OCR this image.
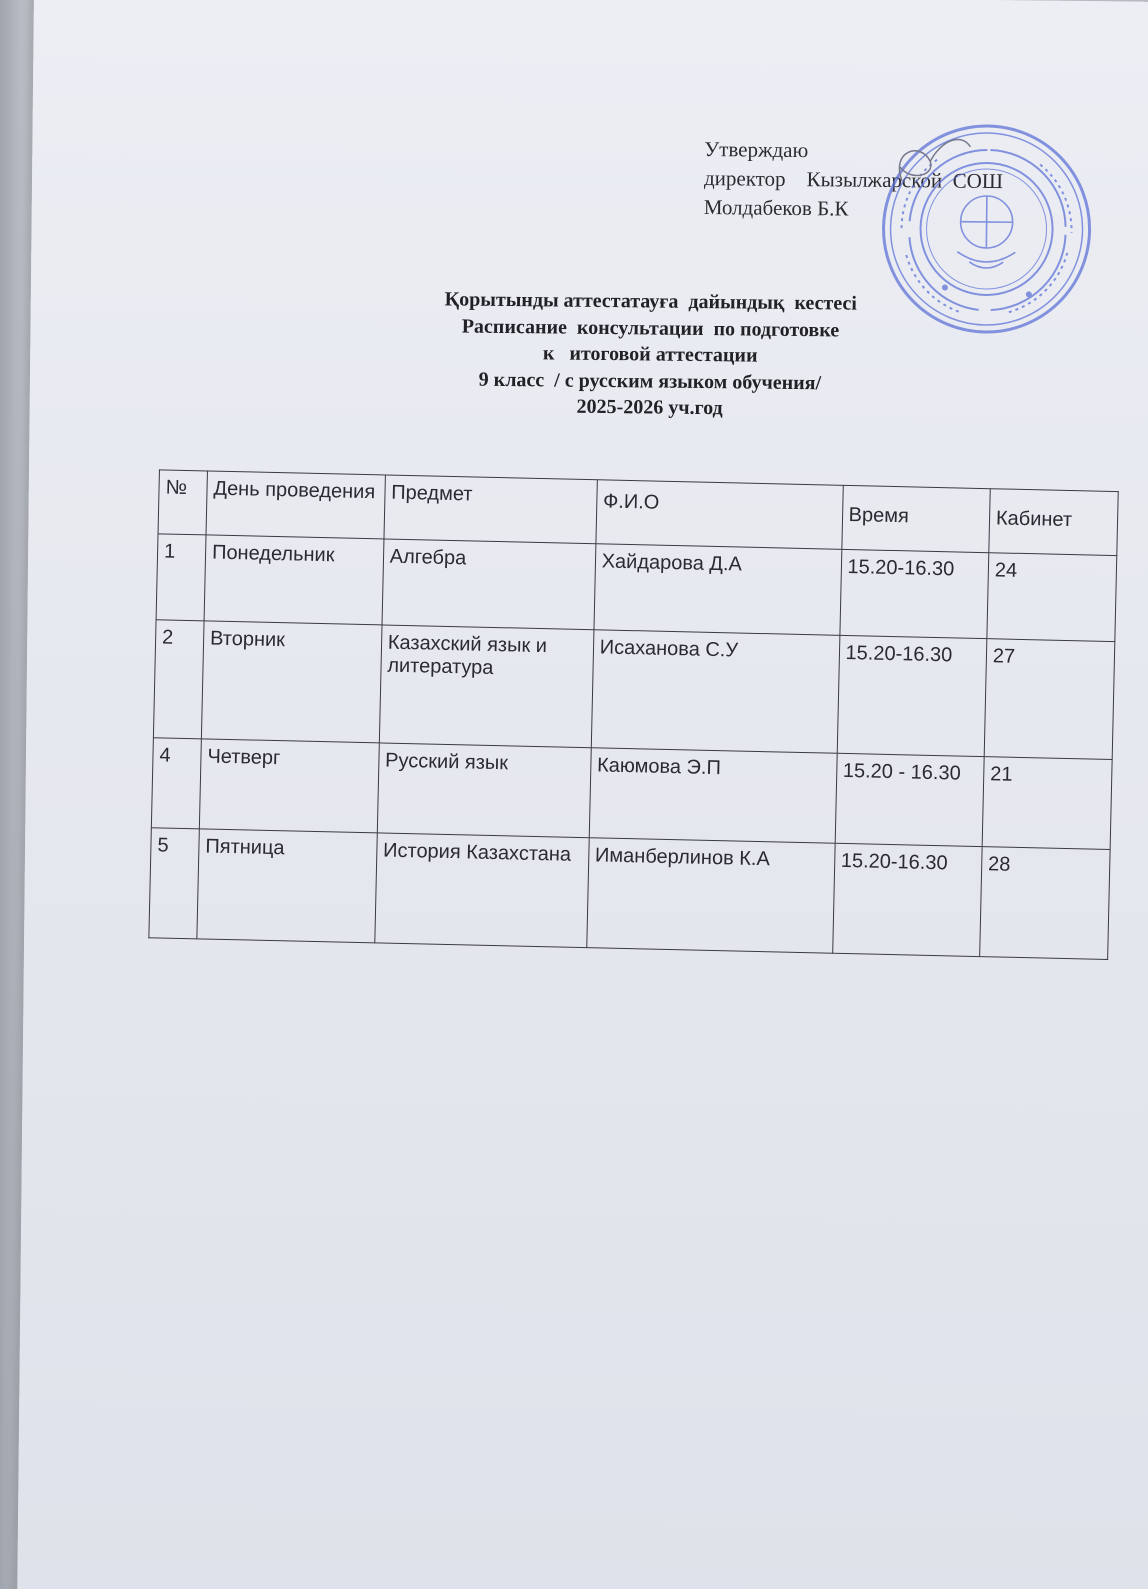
Утверждаю
директор    Кызылжарской  СОШ
Молдабеков Б.К
Қорытынды аттестатауға  дайындық  кестесі
Расписание  консультации  по подготовке
к   итоговой аттестации
9 класс  / с русским языком обучения/
2025-2026 уч.год
№	День проведения	Предмет	Ф.И.О	Время	Кабинет
1	Понедельник	Алгебра	Хайдарова Д.А	15.20-16.30	24
2	Вторник	Казахский язык и литература	Исаханова С.У	15.20-16.30	27
4	Четверг	Русский язык	Каюмова Э.П	15.20 - 16.30	21
5	Пятница	История Казахстана	Иманберлинов К.А	15.20-16.30	28
